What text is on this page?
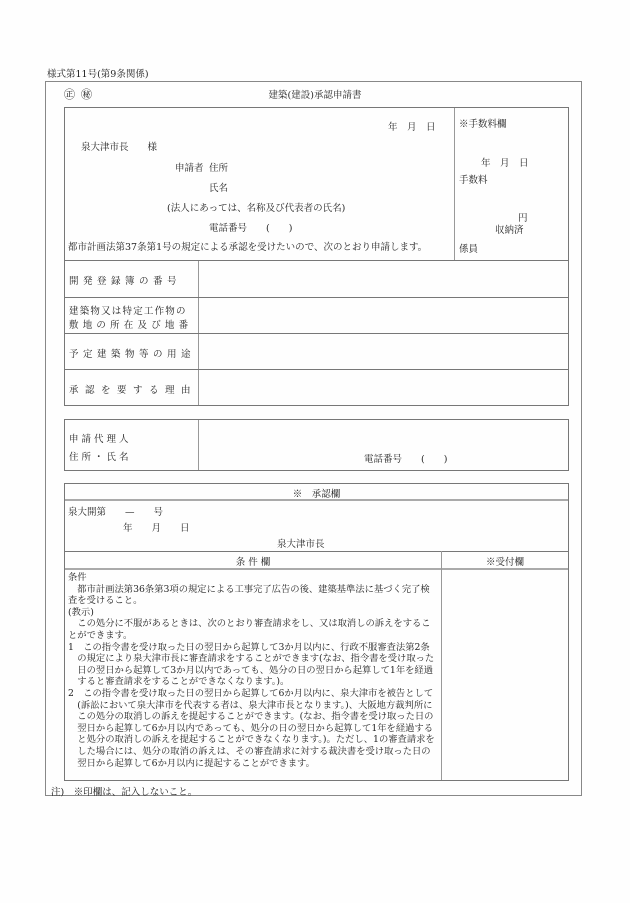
様式第11号(第9条関係)
㊣㊙	建築(建設)承認申請書
年　月　日
泉大津市長　　様
申請者 住所
氏名
(法人にあっては、名称及び代表者の氏名)
電話番号　　(　　)
都市計画法第37条第1号の規定による承認を受けたいので、次のとおり申請します。
※手数料欄
年　月　日
手数料
円
収納済
係員
開発登録簿の番号
建築物又は特定工作物の
敷地の所在及び地番
予定建築物等の用途
承認を要する理由
申請代理人
住所・氏名	電話番号　　(　　)
※　承認欄
泉大開第　　—　　号
年　　月　　日
泉大津市長
条 件 欄	※受付欄

条件

都市計画法第36条第3項の規定による工事完了広告の後、建築基準法に基づく完了検査を受けること。

(教示)

この処分に不服があるときは、次のとおり審査請求をし、又は取消しの訴えをすることができます。

1　この指令書を受け取った日の翌日から起算して3か月以内に、行政不服審査法第2条の規定により泉大津市長に審査請求をすることができます(なお、指令書を受け取った日の翌日から起算して3か月以内であっても、処分の日の翌日から起算して1年を経過すると審査請求をすることができなくなります。)。

2　この指令書を受け取った日の翌日から起算して6か月以内に、泉大津市を被告として(訴訟において泉大津市を代表する者は、泉大津市長となります。)、大阪地方裁判所にこの処分の取消しの訴えを提起することができます。(なお、指令書を受け取った日の翌日から起算して6か月以内であっても、処分の日の翌日から起算して1年を経過すると処分の取消しの訴えを提起することができなくなります。)。ただし、1の審査請求をした場合には、処分の取消の訴えは、その審査請求に対する裁決書を受け取った日の翌日から起算して6か月以内に提起することができます。

注)　※印欄は、記入しないこと。
